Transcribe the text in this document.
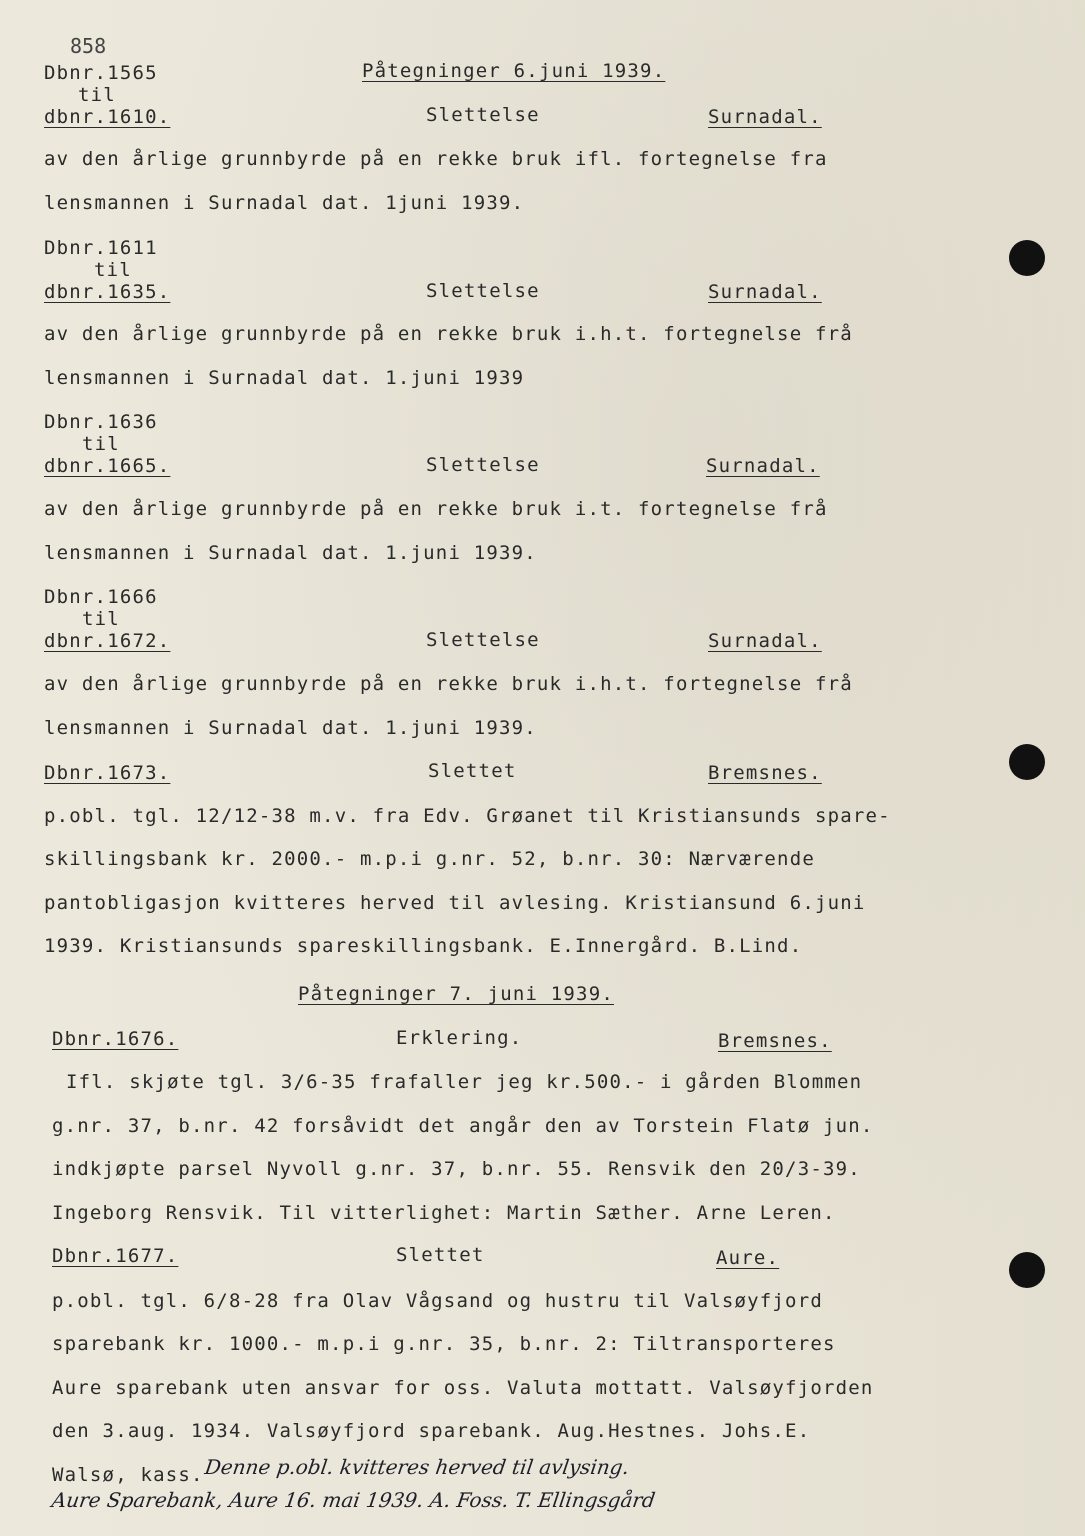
858
Påtegninger 6.juni 1939.
Dbnr.1565
til
dbnr.1610.	Slettelse	Surnadal.
av den årlige grunnbyrde på en rekke bruk ifl. fortegnelse fra
lensmannen i Surnadal dat. 1juni 1939.
Dbnr.1611
til
dbnr.1635.	Slettelse	Surnadal.
av den årlige grunnbyrde på en rekke bruk i.h.t. fortegnelse frå
lensmannen i Surnadal dat. 1.juni 1939
Dbnr.1636
til
dbnr.1665.	Slettelse	Surnadal.
av den årlige grunnbyrde på en rekke bruk i.t. fortegnelse frå
lensmannen i Surnadal dat. 1.juni 1939.
Dbnr.1666
til
dbnr.1672.	Slettelse	Surnadal.
av den årlige grunnbyrde på en rekke bruk i.h.t. fortegnelse frå
lensmannen i Surnadal dat. 1.juni 1939.
Dbnr.1673.	Slettet	Bremsnes.
p.obl. tgl. 12/12-38 m.v. fra Edv. Grøanet til Kristiansunds spare-
skillingsbank kr. 2000.- m.p.i g.nr. 52, b.nr. 30: Nærværende
pantobligasjon kvitteres herved til avlesing. Kristiansund 6.juni
1939. Kristiansunds spareskillingsbank. E.Innergård. B.Lind.
Påtegninger 7. juni 1939.
Dbnr.1676.	Erklering.	Bremsnes.
Ifl. skjøte tgl. 3/6-35 frafaller jeg kr.500.- i gården Blommen
g.nr. 37, b.nr. 42 forsåvidt det angår den av Torstein Flatø jun.
indkjøpte parsel Nyvoll g.nr. 37, b.nr. 55. Rensvik den 20/3-39.
Ingeborg Rensvik. Til vitterlighet: Martin Sæther. Arne Leren.
Dbnr.1677.	Slettet	Aure.
p.obl. tgl. 6/8-28 fra Olav Vågsand og hustru til Valsøyfjord
sparebank kr. 1000.- m.p.i g.nr. 35, b.nr. 2: Tiltransporteres
Aure sparebank uten ansvar for oss. Valuta mottatt. Valsøyfjorden
den 3.aug. 1934. Valsøyfjord sparebank. Aug.Hestnes. Johs.E.
Walsø, kass. Denne p.obl. kvitteres herved til avlysing.
Aure Sparebank, Aure 16. mai 1939. A. Foss. T. Ellingsgård
